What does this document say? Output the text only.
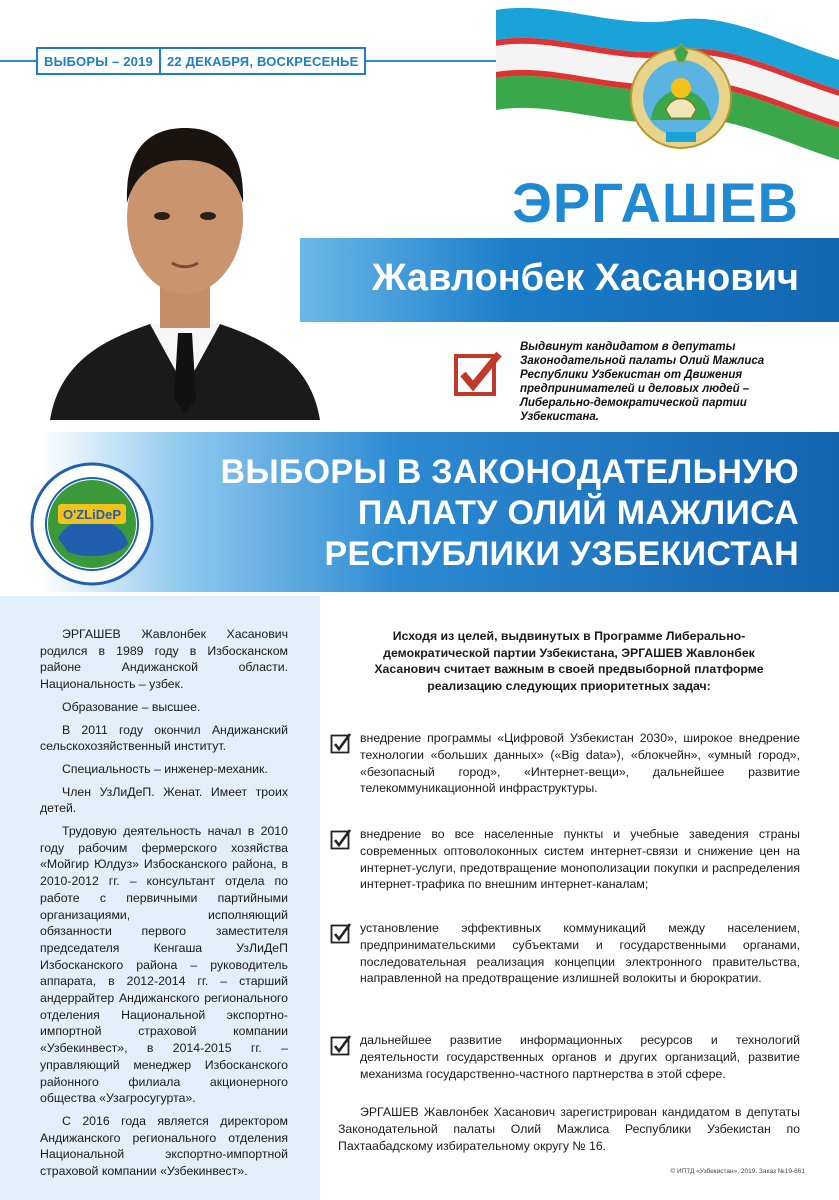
ВЫБОРЫ – 2019	22 ДЕКАБРЯ, ВОСКРЕСЕНЬЕ
ЭРГАШЕВ
Жавлонбек Хасанович
Выдвинут кандидатом в депутаты Законодательной палаты Олий Мажлиса Республики Узбекистан от Движения предпринимателей и деловых людей – Либерально-демократической партии Узбекистана.
ВЫБОРЫ В ЗАКОНОДАТЕЛЬНУЮ
ПАЛАТУ ОЛИЙ МАЖЛИСА
РЕСПУБЛИКИ УЗБЕКИСТАН
O'ZLiDeP

ЭРГАШЕВ Жавлонбек Хасанович родился в 1989 году в Избосканском районе Андижанской области. Национальность – узбек.

Образование – высшее.

В 2011 году окончил Андижанский сельскохозяйственный институт.

Специальность – инженер-механик.

Член УзЛиДеП. Женат. Имеет троих детей.

Трудовую деятельность начал в 2010 году рабочим фермерского хозяйства «Мойгир Юлдуз» Избосканского района, в 2010-2012 гг. – консультант отдела по работе с первичными партийными организациями, исполняющий обязанности первого заместителя председателя Кенгаша УзЛиДеП Избосканского района – руководитель аппарата, в 2012-2014 гг. – старший андеррайтер Андижанского регионального отделения Национальной экспортно-импортной страховой компании «Узбекинвест», в 2014-2015 гг. – управляющий менеджер Избосканского районного филиала акционерного общества «Узагросугурта».

С 2016 года является директором Андижанского регионального отделения Национальной экспортно-импортной страховой компании «Узбекинвест».

Исходя из целей, выдвинутых в Программе Либерально-демократической партии Узбекистана, ЭРГАШЕВ Жавлонбек Хасанович считает важным в своей предвыборной платформе реализацию следующих приоритетных задач:
внедрение программы «Цифровой Узбекистан 2030», широкое внедрение технологии «больших данных» («Big data»), «блокчейн», «умный город», «безопасный город», «Интернет-вещи», дальнейшее развитие телекоммуникационной инфраструктуры.
внедрение во все населенные пункты и учебные заведения страны современных оптоволоконных систем интернет-связи и снижение цен на интернет-услуги, предотвращение монополизации покупки и распределения интернет-трафика по внешним интернет-каналам;
установление эффективных коммуникаций между населением, предпринимательскими субъектами и государственными органами, последовательная реализация концепции электронного правительства, направленной на предотвращение излишней волокиты и бюрократии.
дальнейшее развитие информационных ресурсов и технологий деятельности государственных органов и других организаций, развитие механизма государственно-частного партнерства в этой сфере.
ЭРГАШЕВ Жавлонбек Хасанович зарегистрирован кандидатом в депутаты Законодательной палаты Олий Мажлиса Республики Узбекистан по Пахтаабадскому избирательному округу № 16.
© ИПТД «Узбекистан», 2019. Заказ №19-661
